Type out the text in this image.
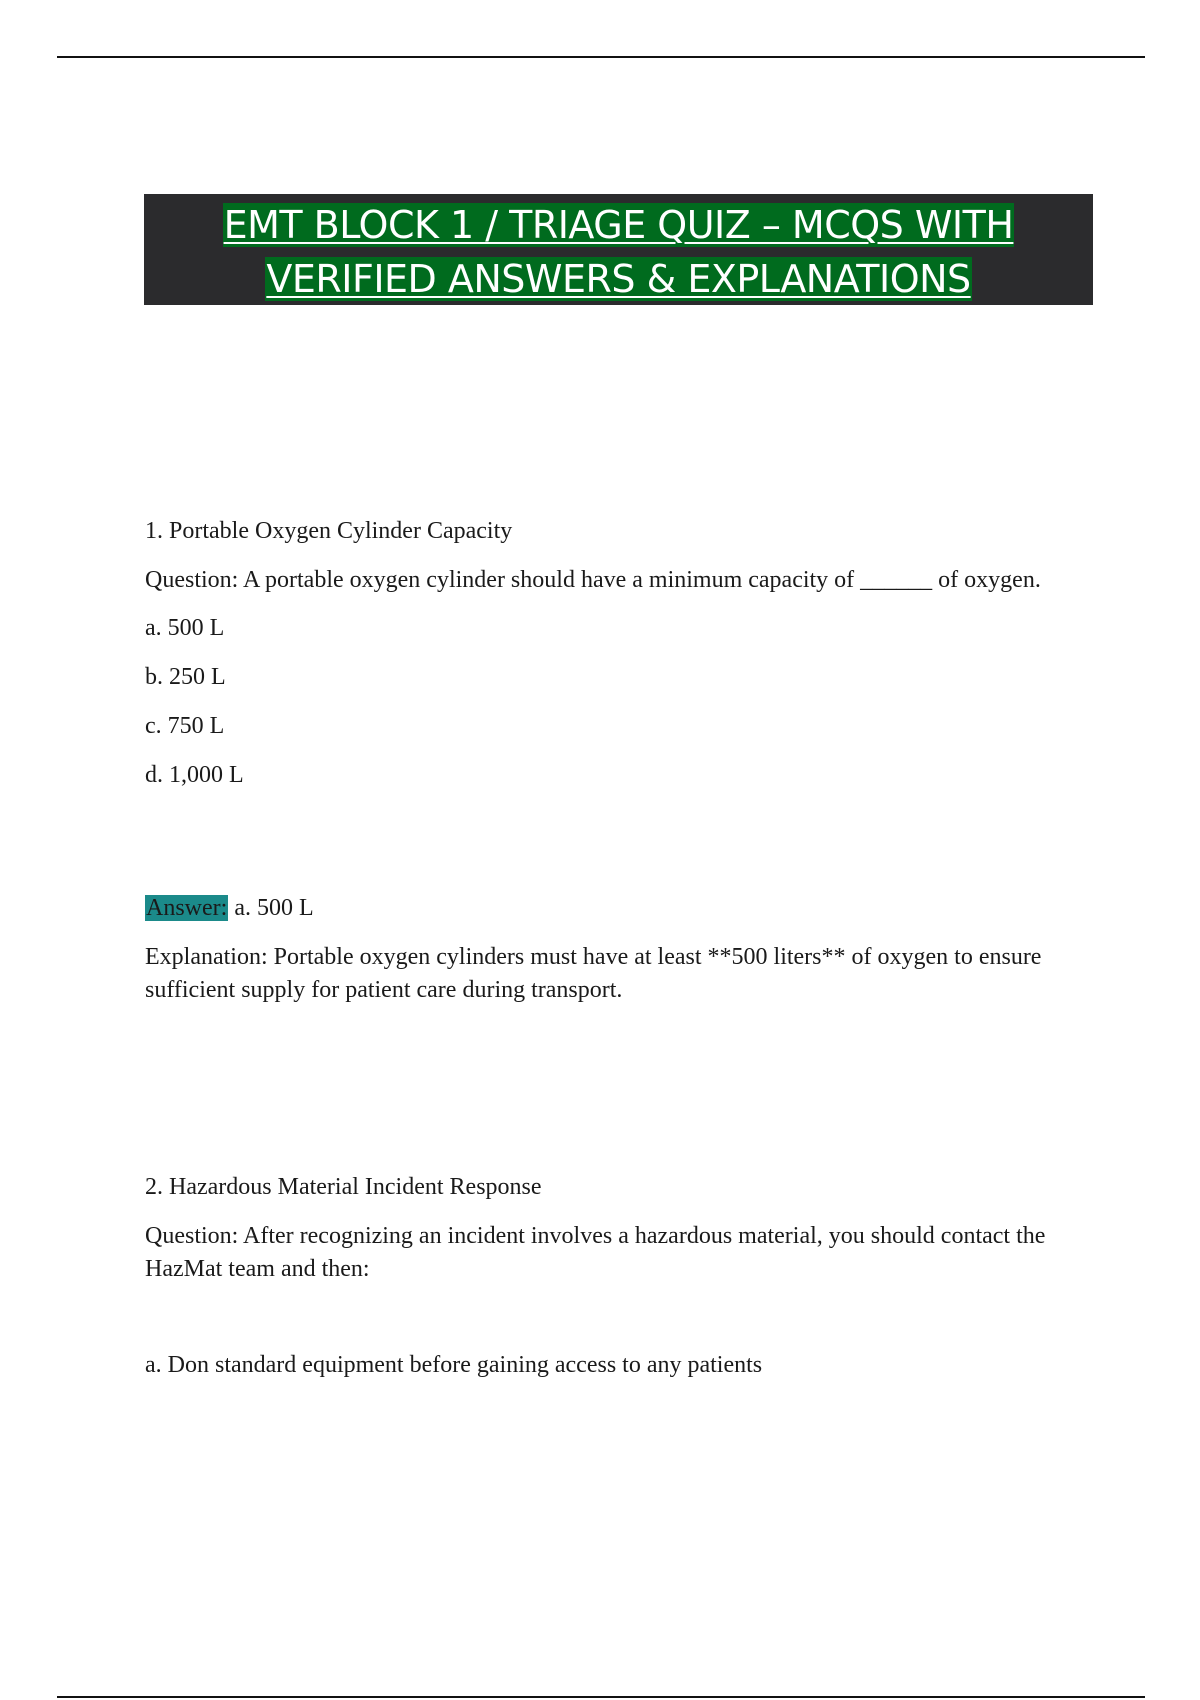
EMT BLOCK 1 / TRIAGE QUIZ – MCQS WITH
VERIFIED ANSWERS & EXPLANATIONS

1. Portable Oxygen Cylinder Capacity

Question: A portable oxygen cylinder should have a minimum capacity of ______ of oxygen.

a. 500 L

b. 250 L

c. 750 L

d. 1,000 L

Answer: a. 500 L

Explanation: Portable oxygen cylinders must have at least **500 liters** of oxygen to ensure sufficient supply for patient care during transport.

2. Hazardous Material Incident Response

Question: After recognizing an incident involves a hazardous material, you should contact the HazMat team and then:

a. Don standard equipment before gaining access to any patients
